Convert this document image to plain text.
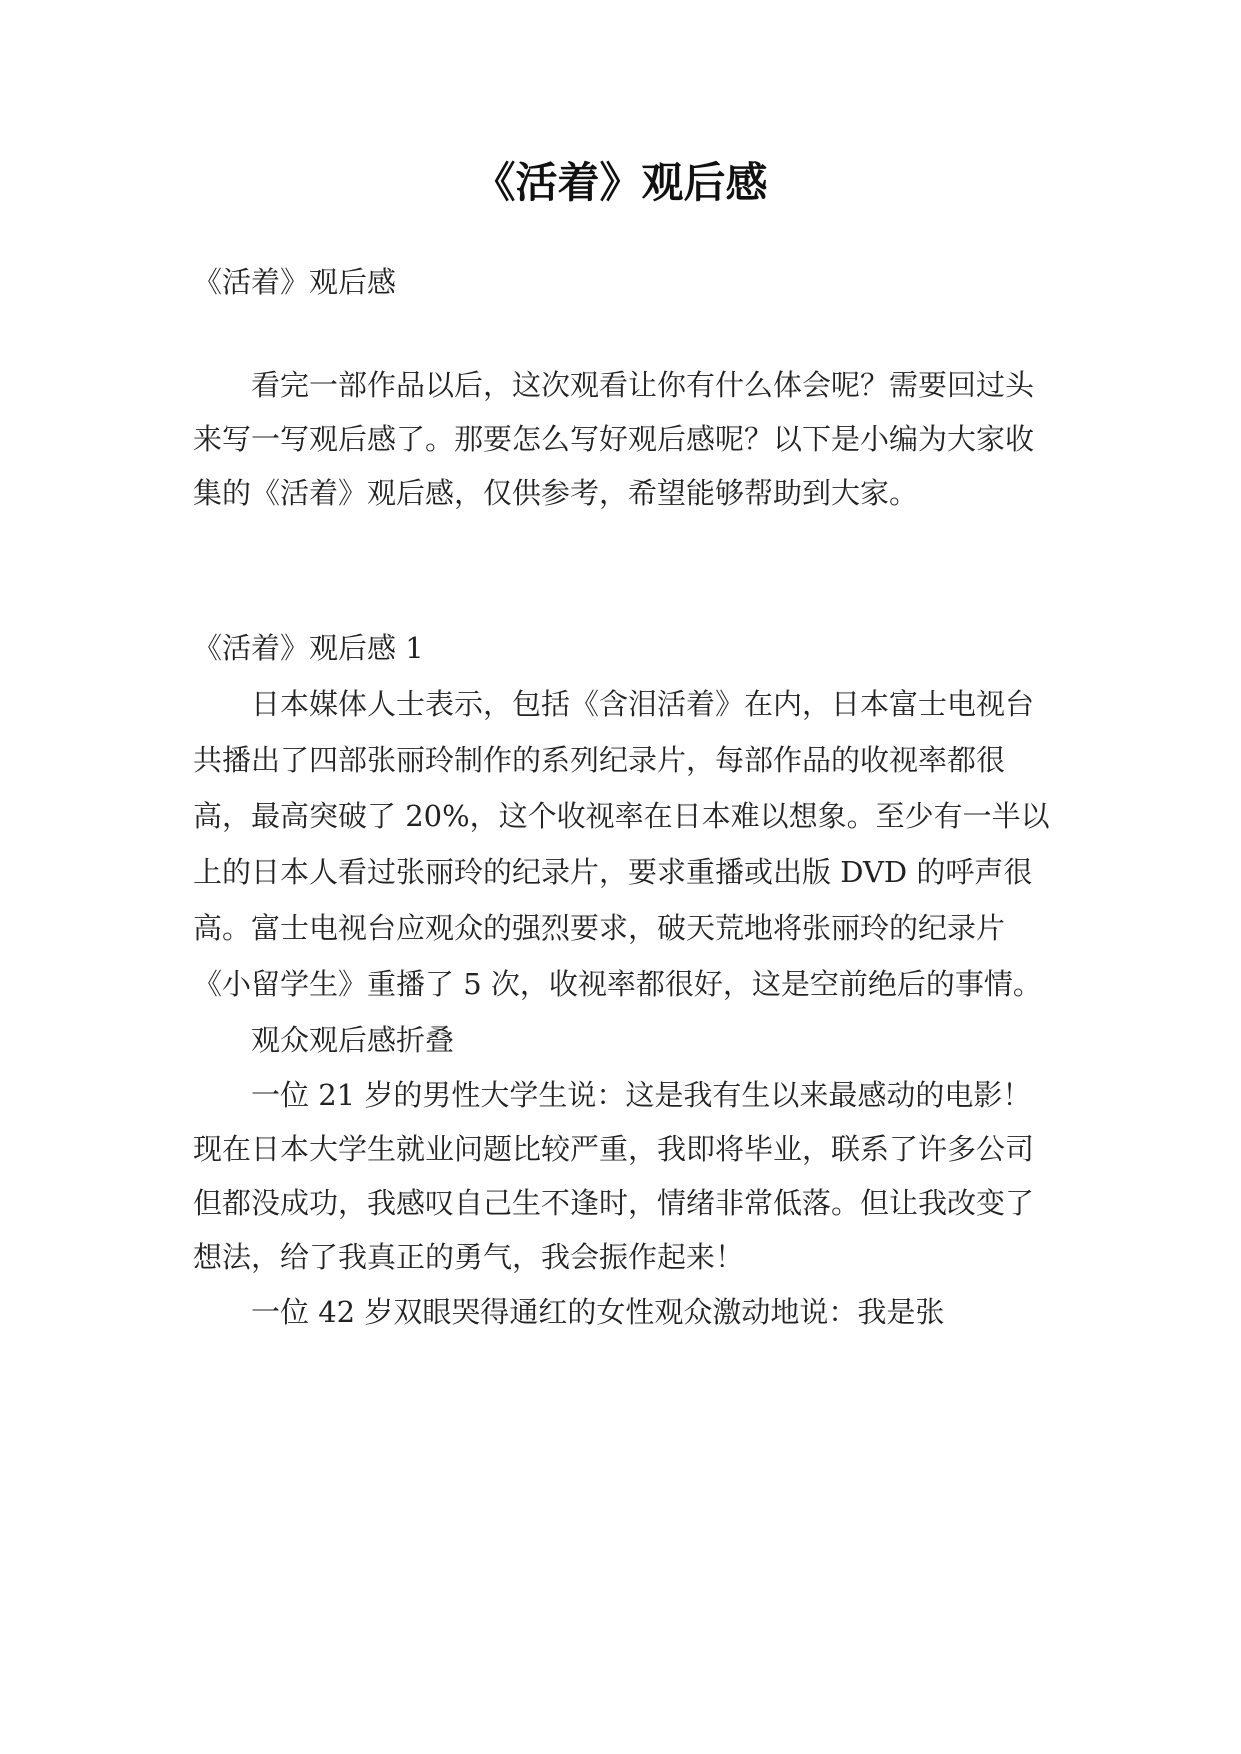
《活着》观后感

《活着》观后感

看完一部作品以后，这次观看让你有什么体会呢？需要回过头来写一写观后感了。那要怎么写好观后感呢？以下是小编为大家收集的《活着》观后感，仅供参考，希望能够帮助到大家。

《活着》观后感 1

日本媒体人士表示，包括《含泪活着》在内，日本富士电视台共播出了四部张丽玲制作的系列纪录片，每部作品的收视率都很高，最高突破了 20%，这个收视率在日本难以想象。至少有一半以上的日本人看过张丽玲的纪录片，要求重播或出版 DVD 的呼声很高。富士电视台应观众的强烈要求，破天荒地将张丽玲的纪录片《小留学生》重播了 5 次，收视率都很好，这是空前绝后的事情。

观众观后感折叠

一位 21 岁的男性大学生说：这是我有生以来最感动的电影！现在日本大学生就业问题比较严重，我即将毕业，联系了许多公司但都没成功，我感叹自己生不逢时，情绪非常低落。但让我改变了想法，给了我真正的勇气，我会振作起来！

一位 42 岁双眼哭得通红的女性观众激动地说：我是张
